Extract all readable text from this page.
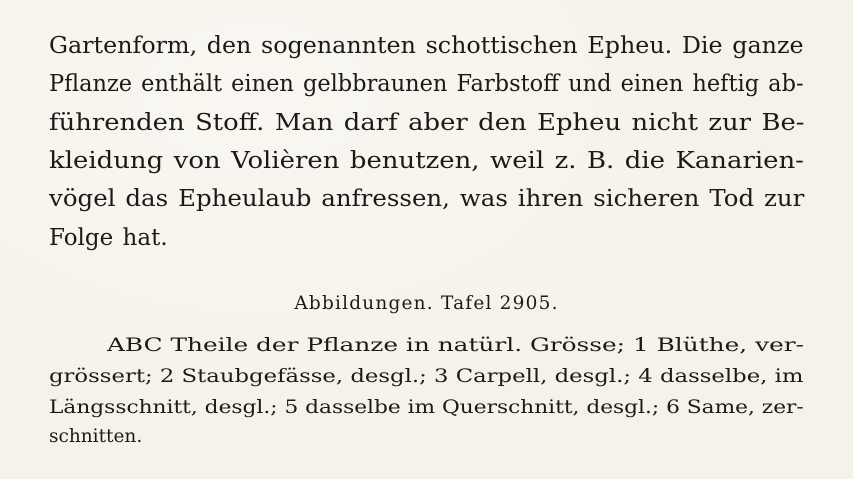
Gartenform, den sogenannten schottischen Epheu. Die ganze
Pflanze enthält einen gelbbraunen Farbstoff und einen heftig ab-
führenden Stoff. Man darf aber den Epheu nicht zur Be-
kleidung von Volièren benutzen, weil z. B. die Kanarien-
vögel das Epheulaub anfressen, was ihren sicheren Tod zur
Folge hat.
Abbildungen. Tafel 2905.
ABC Theile der Pflanze in natürl. Grösse; 1 Blüthe, ver-
grössert; 2 Staubgefässe, desgl.; 3 Carpell, desgl.; 4 dasselbe, im
Längsschnitt, desgl.; 5 dasselbe im Querschnitt, desgl.; 6 Same, zer-
schnitten.
